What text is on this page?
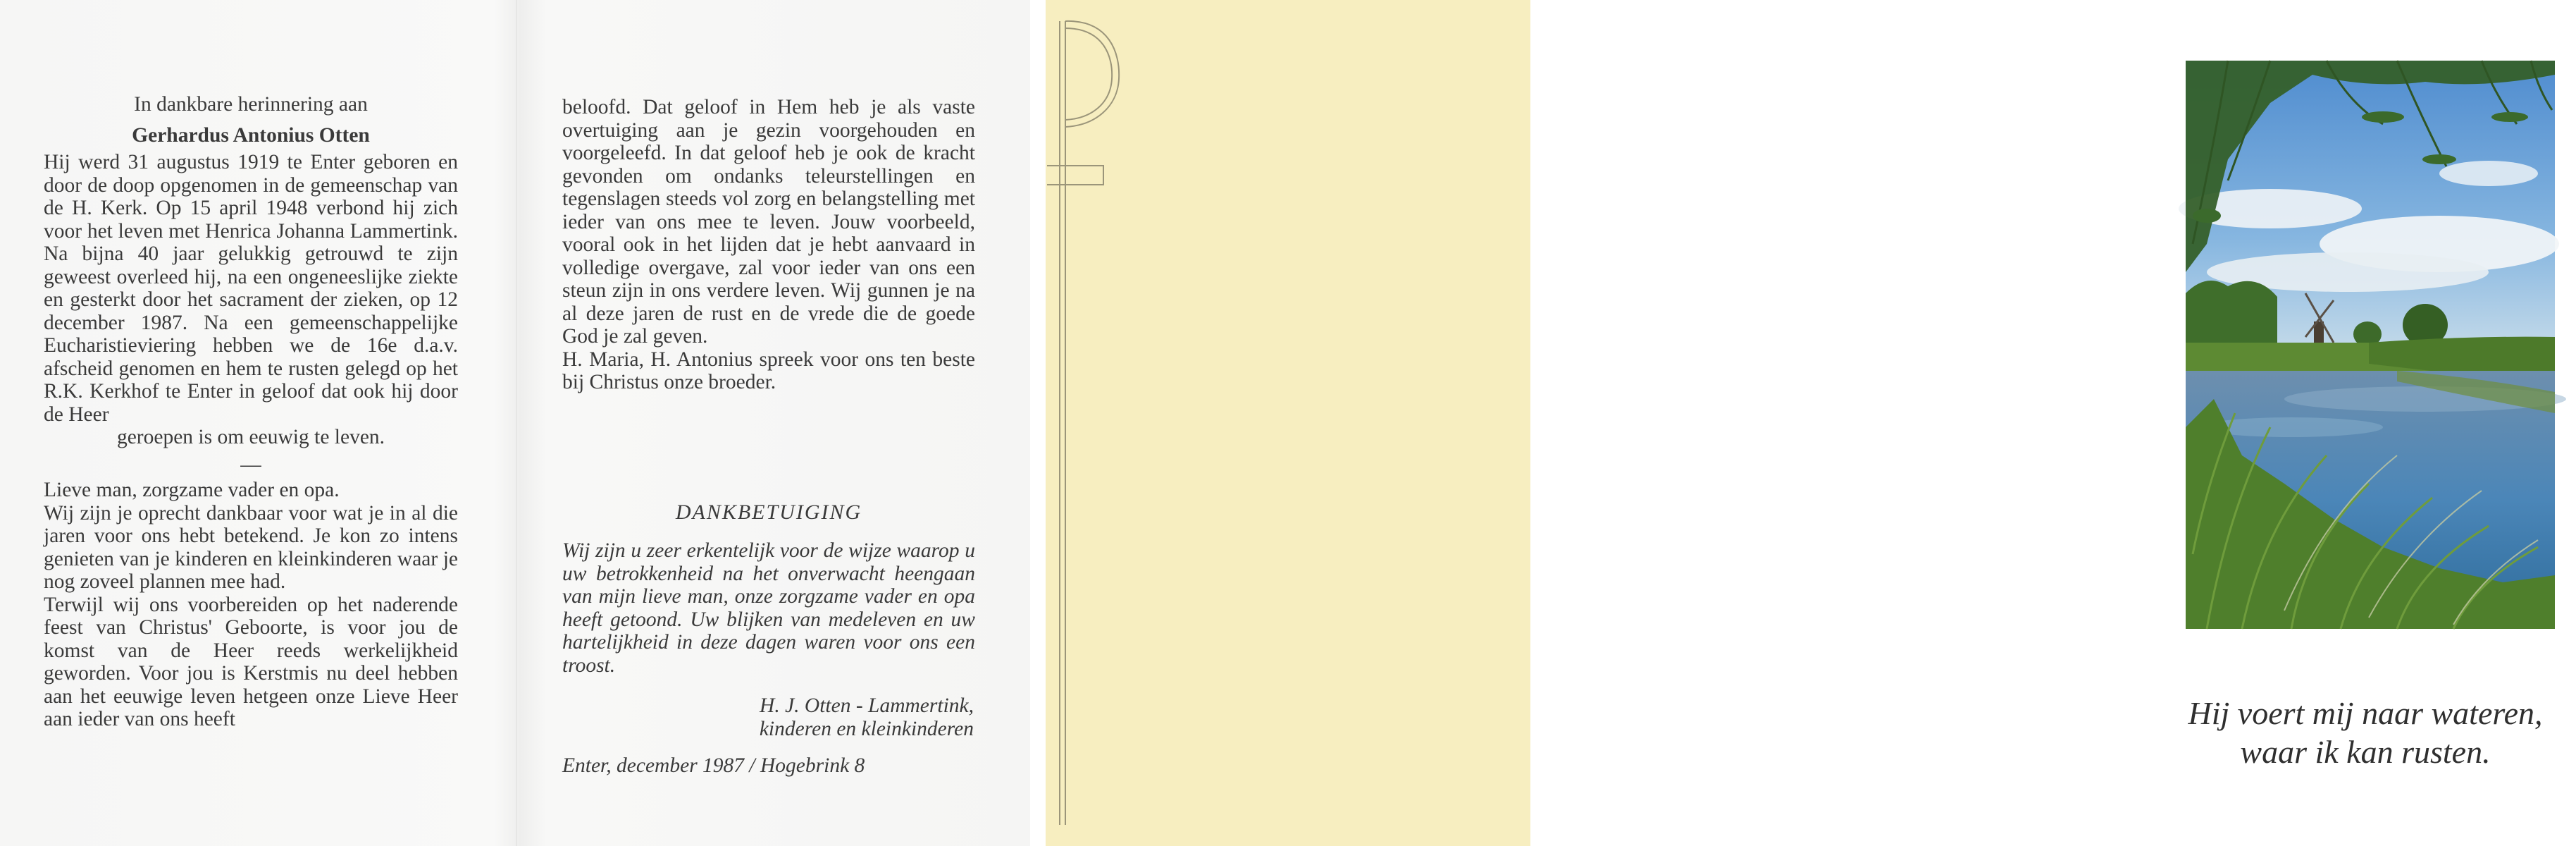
In dankbare herinnering aan

Gerhardus Antonius Otten

Hij werd 31 augustus 1919 te Enter geboren en door de doop opgenomen in de gemeenschap van de H. Kerk. Op 15 april 1948 verbond hij zich voor het leven met Henrica Johanna Lammertink. Na bijna 40 jaar gelukkig getrouwd te zijn geweest overleed hij, na een ongeneeslijke ziekte en gesterkt door het sacrament der zieken, op 12 december 1987. Na een gemeenschappelijke Eucharistieviering hebben we de 16e d.a.v. afscheid genomen en hem te rusten gelegd op het R.K. Kerkhof te Enter in geloof dat ook hij door de Heer

geroepen is om eeuwig te leven.

—

Lieve man, zorgzame vader en opa.

Wij zijn je oprecht dankbaar voor wat je in al die jaren voor ons hebt betekend. Je kon zo intens genieten van je kinderen en kleinkinderen waar je nog zoveel plannen mee had.

Terwijl wij ons voorbereiden op het naderende feest van Christus' Geboorte, is voor jou de komst van de Heer reeds werkelijkheid geworden. Voor jou is Kerstmis nu deel hebben aan het eeuwige leven hetgeen onze Lieve Heer aan ieder van ons heeft

beloofd. Dat geloof in Hem heb je als vaste overtuiging aan je gezin voorgehouden en voorgeleefd. In dat geloof heb je ook de kracht gevonden om ondanks teleurstellingen en tegenslagen steeds vol zorg en belangstelling met ieder van ons mee te leven. Jouw voorbeeld, vooral ook in het lijden dat je hebt aanvaard in volledige overgave, zal voor ieder van ons een steun zijn in ons verdere leven. Wij gunnen je na al deze jaren de rust en de vrede die de goede God je zal geven.

H. Maria, H. Antonius spreek voor ons ten beste bij Christus onze broeder.

DANKBETUIGING
Wij zijn u zeer erkentelijk voor de wijze waarop u uw betrokkenheid na het onverwacht heengaan van mijn lieve man, onze zorgzame vader en opa heeft getoond. Uw blijken van medeleven en uw hartelijkheid in deze dagen waren voor ons een troost.
H. J. Otten - Lammertink,
kinderen en kleinkinderen
Enter, december 1987 / Hogebrink 8
Hij voert mij naar wateren,
waar ik kan rusten.
